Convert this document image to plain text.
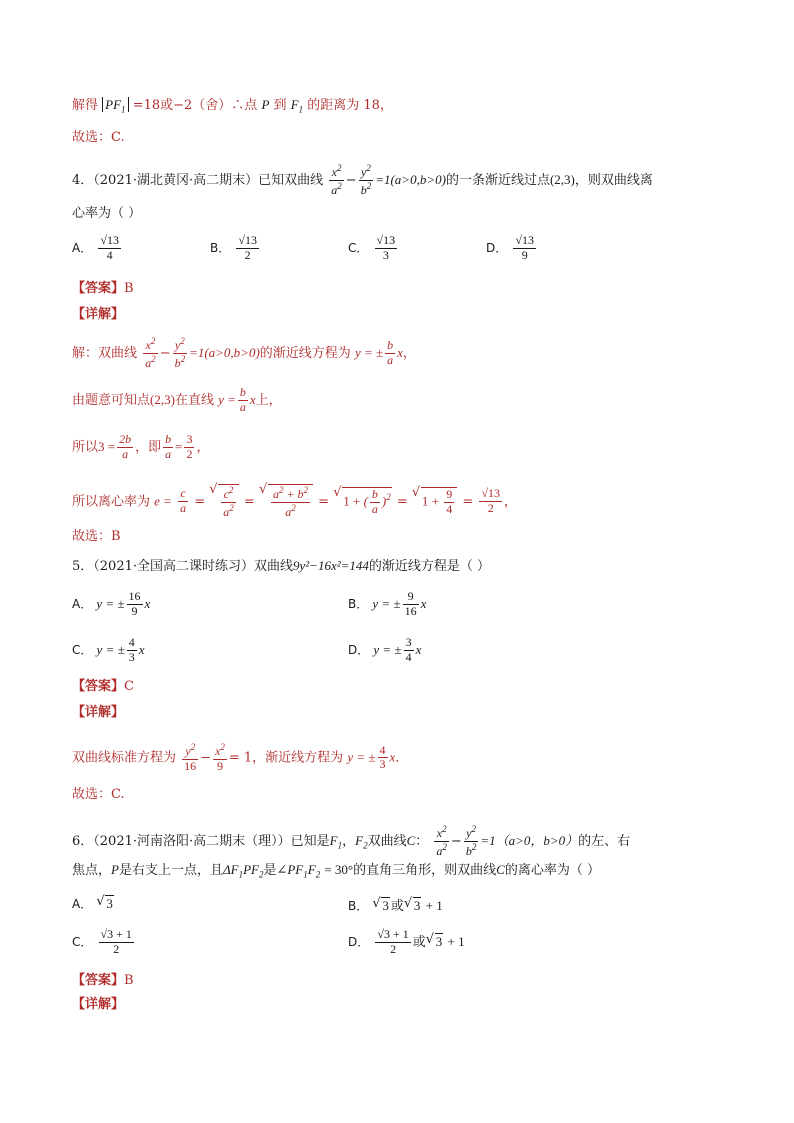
解得 $PF_1 =18$或−2（舍）∴点 P 到 $F_1$ 的距离为 18，
故选：C.
4．（2021·湖北黄冈·高二期末）已知双曲线 $\frac{x^2}{a^2} - \frac{y^2}{b^2} =1(a>0,b>0)$的一条渐近线过点(2,3)，则双曲线离
心率为（ ）
A． $\frac{√13}{4}$	B． $\frac{√13}{2}$	C． $\frac{√13}{3}$	D． $\frac{√13}{9}$
【答案】B
【详解】
解：双曲线 $\frac{x^2}{a^2} - \frac{y^2}{b^2} =1(a>0,b>0)$的渐近线方程为 y = ± $\frac{b}{a}$ x，
由题意可知点(2,3)在直线 $y = \frac{b}{a}$ x上，
所以$3 = \frac{2b}{a}$ ，即 $\frac{b}{a} = \frac{3}{2}$ ，
所以离心率为 $e = \frac{c}{a}$ = √ $\frac{c^2}{a^2}$ = √ $\frac{a^2 + b^2}{a^2}$ = √ 1 + ( $\frac{b}{a} )^2$ = √ $1 + \frac{9}{4} = \frac{√13}{2}$ ，
故选：B
5．（2021·全国高二课时练习）双曲线9y²−16x²=144的渐近线方程是（ ）
A． y = ± $\frac{16}{9}$ x	B． y = ± $\frac{9}{16}$ x
C． y = ± $\frac{4}{3}$ x	D． y = ± $\frac{3}{4}$ x
【答案】C
【详解】
双曲线标准方程为 $\frac{y^2}{16} - \frac{x^2}{9} = 1$，渐近线方程为 y = ± $\frac{4}{3}$ x．
故选：C.
6．（2021·河南洛阳·高二期末（理））已知是$F_1$，$F_2$双曲线C： $\frac{x^2}{a^2} - \frac{y^2}{b^2} =1(a>0$，b>0）的左、右
焦点，P是右支上一点，且$\Delta F_1PF_2$是$\angle PF_1F_2 = 30^\circ$的直角三角形，则双曲线C的离心率为（ ）
A． √ 3	B． √ 3 或 √ 3 + 1
C． $\frac{√3 + 1}{2}$	D． $\frac{√3 + 1}{2}$ 或 √ 3 + 1
【答案】B
【详解】
